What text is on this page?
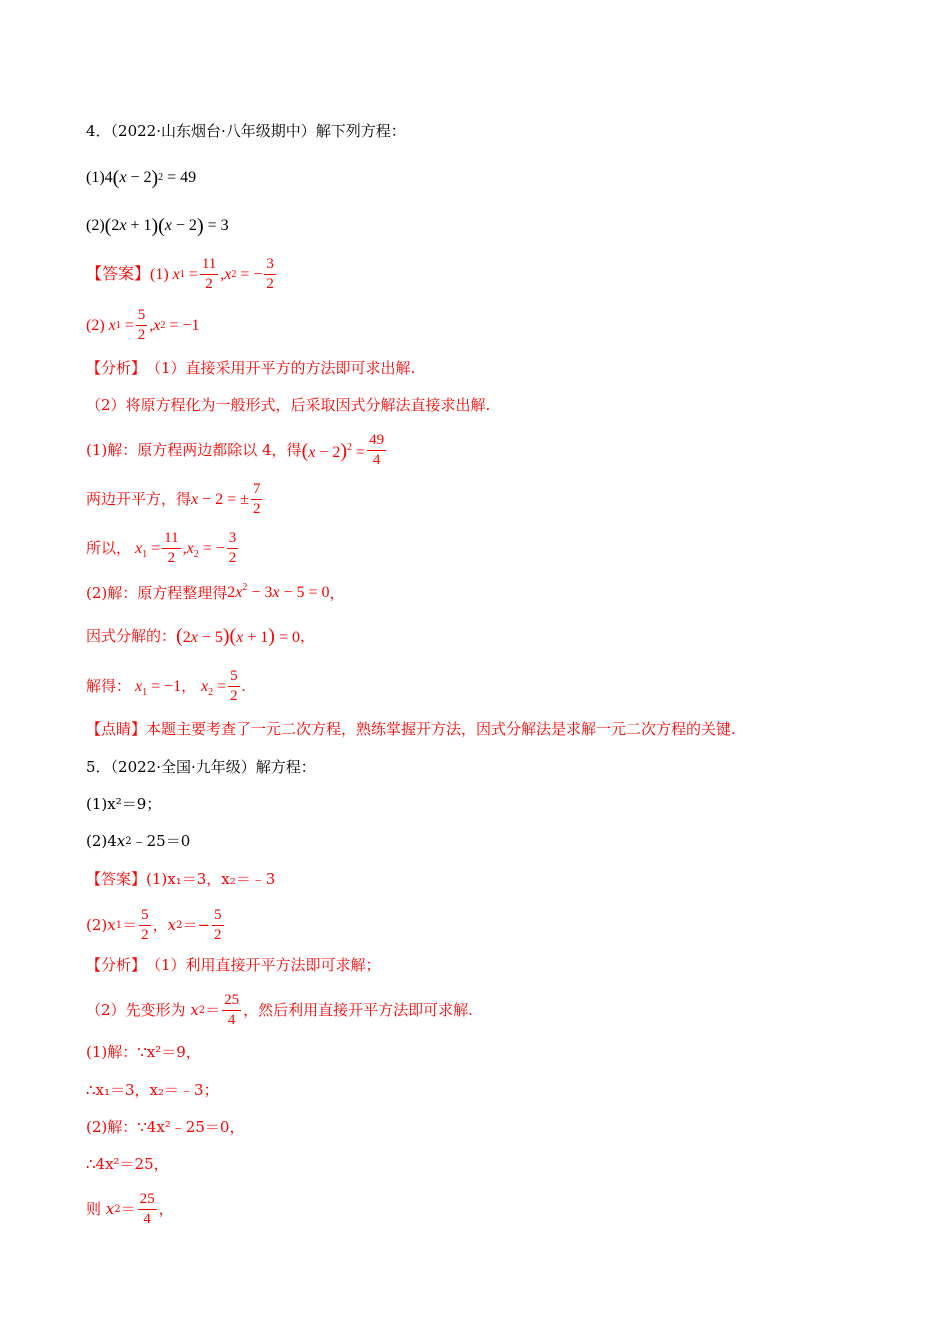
4．（2022·山东烟台·八年级期中）解下列方程：
(1) 4 ( x − 2 ) 2 = 49
(2) ( 2 x + 1 )( x − 2 ) = 3
【答案】 (1) x $1 = \frac{11}{2}$ , x 2 = − $\frac{3}{2}$
(2) x $1 = \frac{5}{2}$ , x 2 = −1
【分析】 （1）直接采用开平方的方法即可求出解.
（2）将原方程化为一般形式，后采取因式分解法直接求出解.
(1)解：原方程两边都除以 4，得 $(x - 2)^2 = \frac{49}{4}$
两边开平方，得 x − 2 = ± $\frac{7}{2}$
所以， $x_1 = \frac{11}{2} ,x_2$ = − $\frac{3}{2}$
(2)解：原方程整理得 $2x^2 - 3x - 5 = 0$ ，
因式分解的： (2x − 5)(x + 1) = 0 ，
解得： $x_1 = -1$ ， $x_2 = \frac{5}{2}$ .
【点睛】 本题主要考查了一元二次方程，熟练掌握开方法，因式分解法是求解一元二次方程的关键.
5．（2022·全国·九年级）解方程：
(1)x²＝9；
(2)4 x 2 ﹣25＝0
【答案】 (1)x₁＝3，x₂＝﹣3
(2) x $1 = \frac{5}{2}$ ， x $2 =- \frac{5}{2}$
【分析】 （1）利用直接开平方法即可求解；
（2）先变形为 x $2 = \frac{25}{4}$ ，然后利用直接开平方法即可求解.
(1)解： ∵x²＝9，
∴x₁＝3，x₂＝﹣3；
(2)解： ∵4x²﹣25＝0，
∴4x²＝25，
则 x $2 = \frac{25}{4}$ ，
